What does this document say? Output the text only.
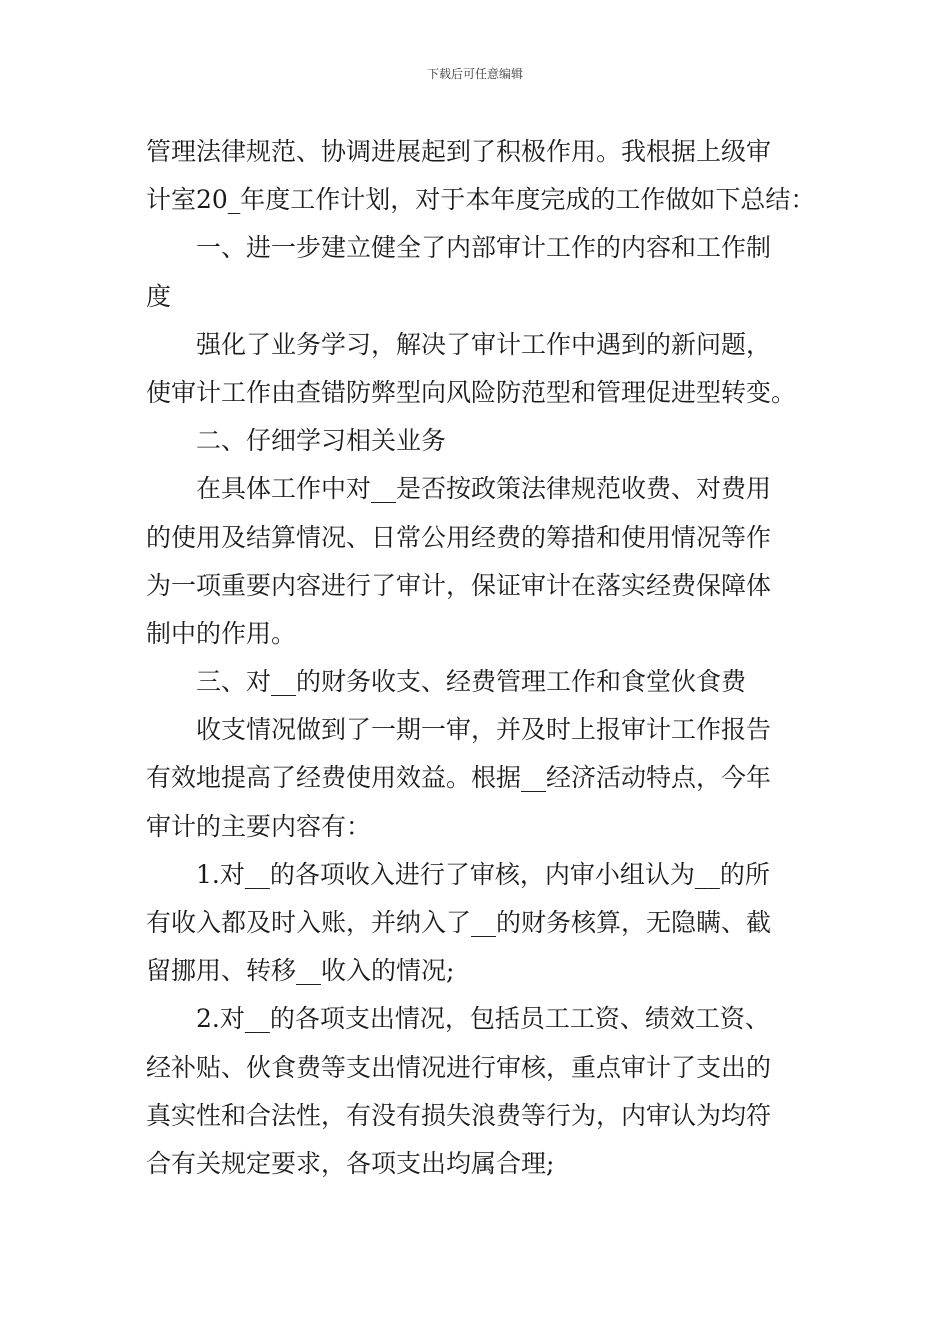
下载后可任意编辑
管理法律规范、协调进展起到了积极作用。我根据上级审
计室20_年度工作计划，对于本年度完成的工作做如下总结：
一、进一步建立健全了内部审计工作的内容和工作制
度
强化了业务学习，解决了审计工作中遇到的新问题，
使审计工作由查错防弊型向风险防范型和管理促进型转变。
二、仔细学习相关业务
在具体工作中对__是否按政策法律规范收费、对费用
的使用及结算情况、日常公用经费的筹措和使用情况等作
为一项重要内容进行了审计，保证审计在落实经费保障体
制中的作用。
三、对__的财务收支、经费管理工作和食堂伙食费
收支情况做到了一期一审，并及时上报审计工作报告
有效地提高了经费使用效益。根据__经济活动特点，今年
审计的主要内容有：
1.对__的各项收入进行了审核，内审小组认为__的所
有收入都及时入账，并纳入了__的财务核算，无隐瞒、截
留挪用、转移__收入的情况;
2.对__的各项支出情况，包括员工工资、绩效工资、
经补贴、伙食费等支出情况进行审核，重点审计了支出的
真实性和合法性，有没有损失浪费等行为，内审认为均符
合有关规定要求，各项支出均属合理;
